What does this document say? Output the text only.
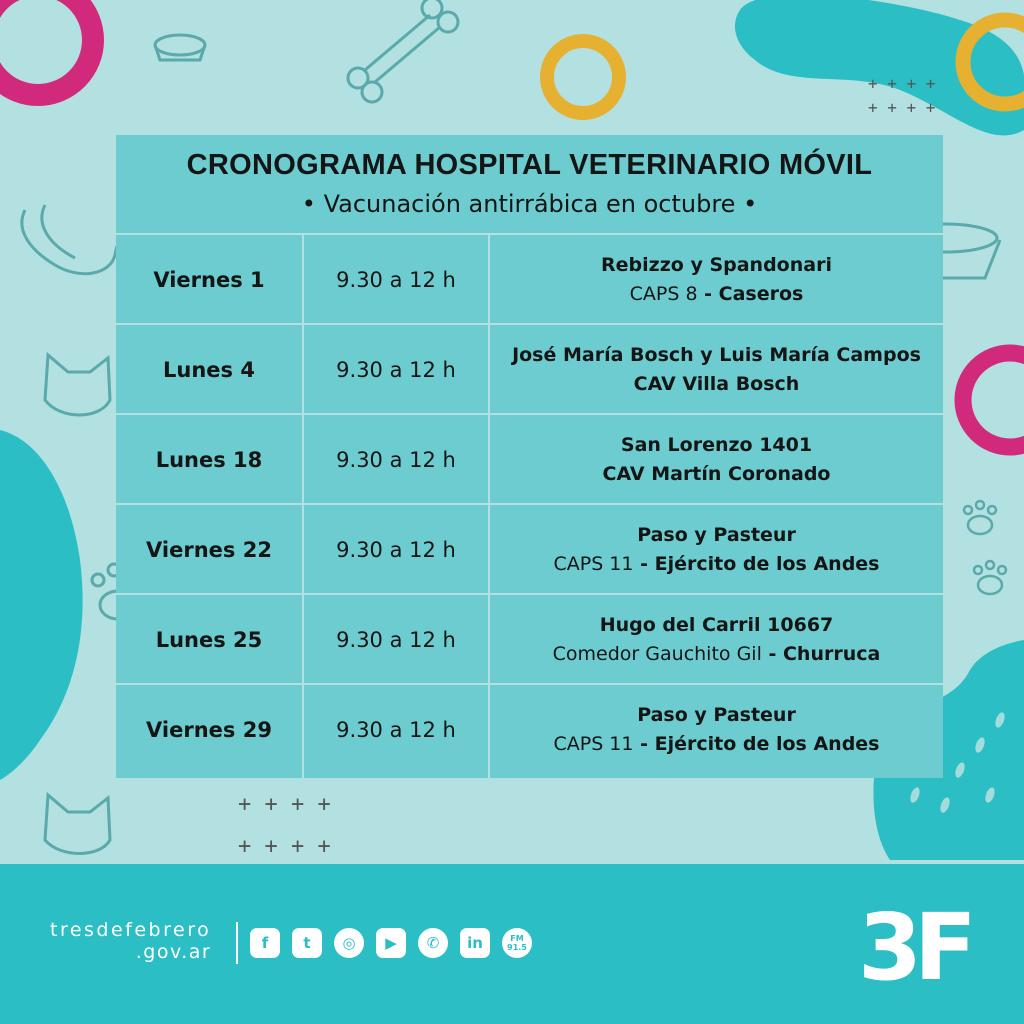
+ + + +
+ + + +
+ + + +
+ + + +
CRONOGRAMA HOSPITAL VETERINARIO MÓVIL
• Vacunación antirrábica en octubre •
Viernes 1	9.30 a 12 h
Rebizzo y Spandonari
CAPS 8 - Caseros
Lunes 4	9.30 a 12 h
José María Bosch y Luis María Campos
CAV Villa Bosch
Lunes 18	9.30 a 12 h
San Lorenzo 1401
CAV Martín Coronado
Viernes 22	9.30 a 12 h
Paso y Pasteur
CAPS 11 - Ejército de los Andes
Lunes 25	9.30 a 12 h
Hugo del Carril 10667
Comedor Gauchito Gil - Churruca
Viernes 29	9.30 a 12 h
Paso y Pasteur
CAPS 11 - Ejército de los Andes
tresdefebrero
.gov.ar	f	t	◎	▶	✆	in	FM 91.5	3F
